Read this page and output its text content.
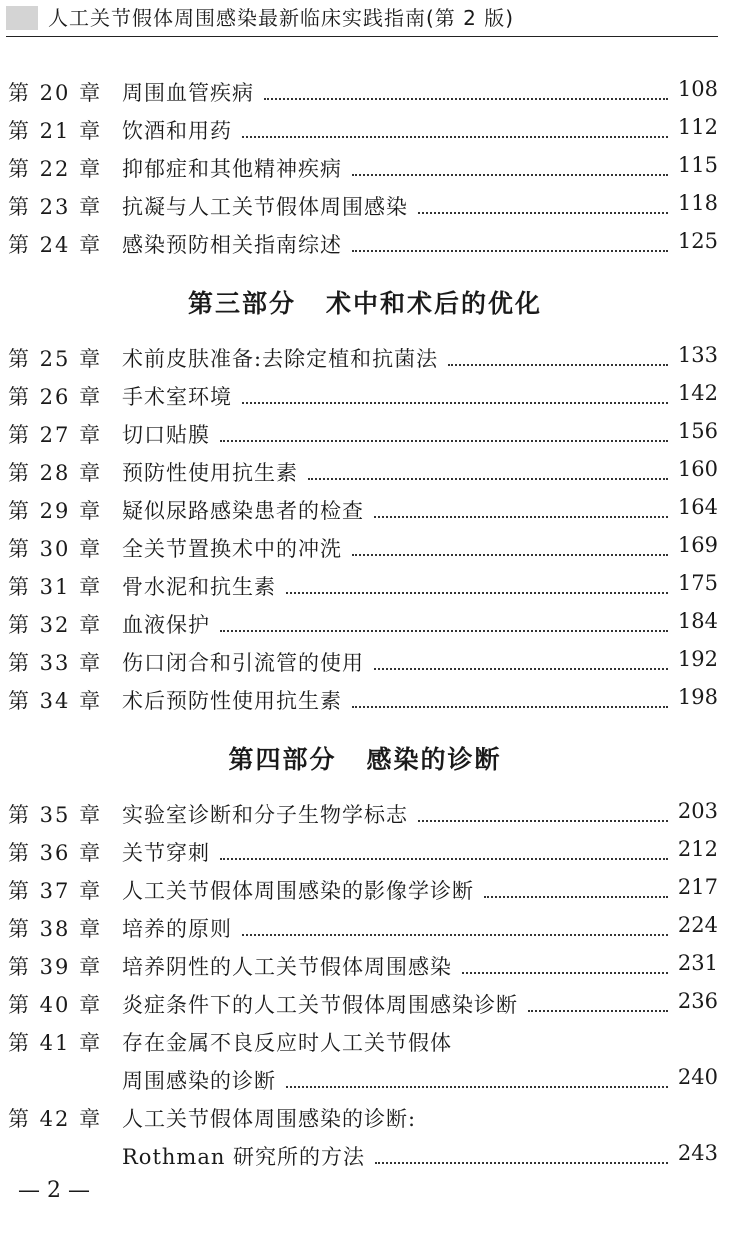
人工关节假体周围感染最新临床实践指南(第 2 版)
第 20 章 周围血管疾病	108
第 21 章 饮酒和用药	112
第 22 章 抑郁症和其他精神疾病	115
第 23 章 抗凝与人工关节假体周围感染	118
第 24 章 感染预防相关指南综述	125
第三部分 术中和术后的优化
第 25 章 术前皮肤准备:去除定植和抗菌法	133
第 26 章 手术室环境	142
第 27 章 切口贴膜	156
第 28 章 预防性使用抗生素	160
第 29 章 疑似尿路感染患者的检查	164
第 30 章 全关节置换术中的冲洗	169
第 31 章 骨水泥和抗生素	175
第 32 章 血液保护	184
第 33 章 伤口闭合和引流管的使用	192
第 34 章 术后预防性使用抗生素	198
第四部分 感染的诊断
第 35 章 实验室诊断和分子生物学标志	203
第 36 章 关节穿刺	212
第 37 章 人工关节假体周围感染的影像学诊断	217
第 38 章 培养的原则	224
第 39 章 培养阴性的人工关节假体周围感染	231
第 40 章 炎症条件下的人工关节假体周围感染诊断	236
第 41 章 存在金属不良反应时人工关节假体
周围感染的诊断	240
第 42 章 人工关节假体周围感染的诊断:
Rothman 研究所的方法	243
— 2 —
